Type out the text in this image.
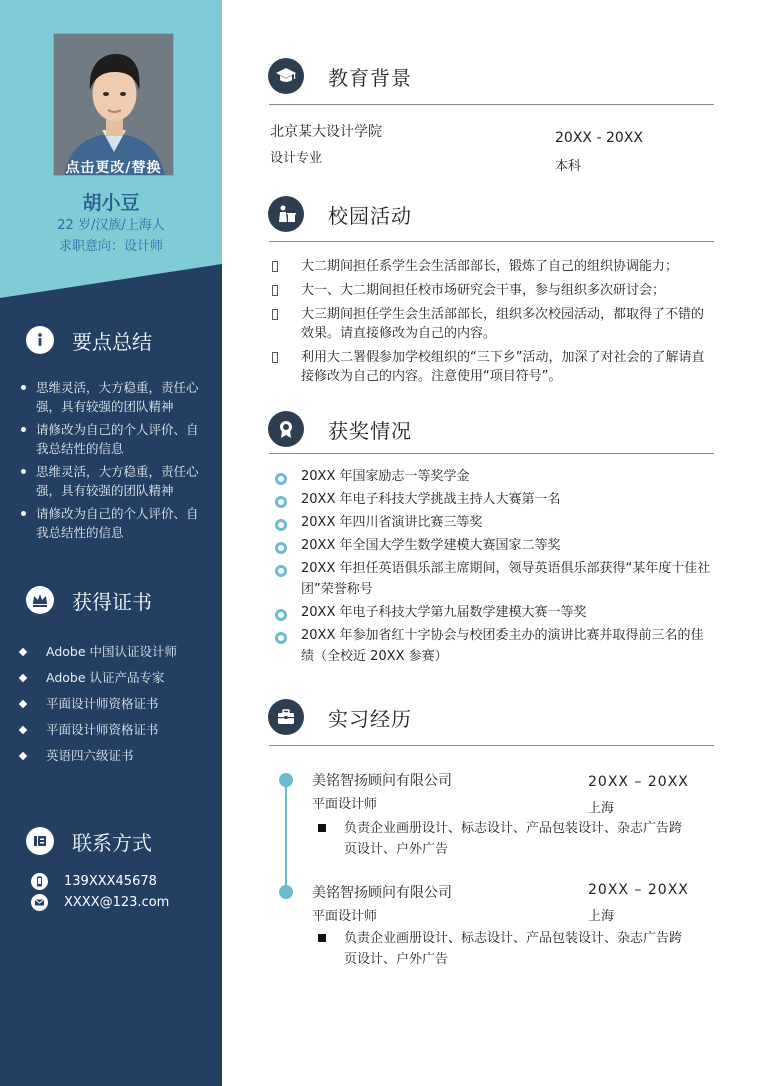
点击更改/替换
胡小豆
22 岁/汉族/上海人
求职意向：设计师
要点总结
思维灵活，大方稳重，责任心强，具有较强的团队精神
请修改为自己的个人评价、自我总结性的信息
思维灵活，大方稳重，责任心强，具有较强的团队精神
请修改为自己的个人评价、自我总结性的信息
获得证书
Adobe 中国认证设计师
Adobe 认证产品专家
平面设计师资格证书
平面设计师资格证书
英语四六级证书
联系方式
139XXX45678
XXXX@123.com
教育背景
北京某大设计学院
设计专业
20XX - 20XX
本科
校园活动
大二期间担任系学生会生活部部长，锻炼了自己的组织协调能力；
大一、大二期间担任校市场研究会干事，参与组织多次研讨会；
大三期间担任学生会生活部部长，组织多次校园活动，都取得了不错的效果。请直接修改为自己的内容。
利用大二署假参加学校组织的“三下乡”活动，加深了对社会的了解请直接修改为自己的内容。注意使用“项目符号”。
获奖情况
20XX 年国家励志一等奖学金
20XX 年电子科技大学挑战主持人大赛第一名
20XX 年四川省演讲比赛三等奖
20XX 年全国大学生数学建模大赛国家二等奖
20XX 年担任英语俱乐部主席期间，领导英语俱乐部获得“某年度十佳社团”荣誉称号
20XX 年电子科技大学第九届数学建模大赛一等奖
20XX 年参加省红十字协会与校团委主办的演讲比赛并取得前三名的佳绩（全校近 20XX 参赛）
实习经历
美铭智扬顾问有限公司
平面设计师
20XX – 20XX
上海
负责企业画册设计、标志设计、产品包装设计、杂志广告跨页设计、户外广告
美铭智扬顾问有限公司
平面设计师
20XX – 20XX
上海
负责企业画册设计、标志设计、产品包装设计、杂志广告跨页设计、户外广告
